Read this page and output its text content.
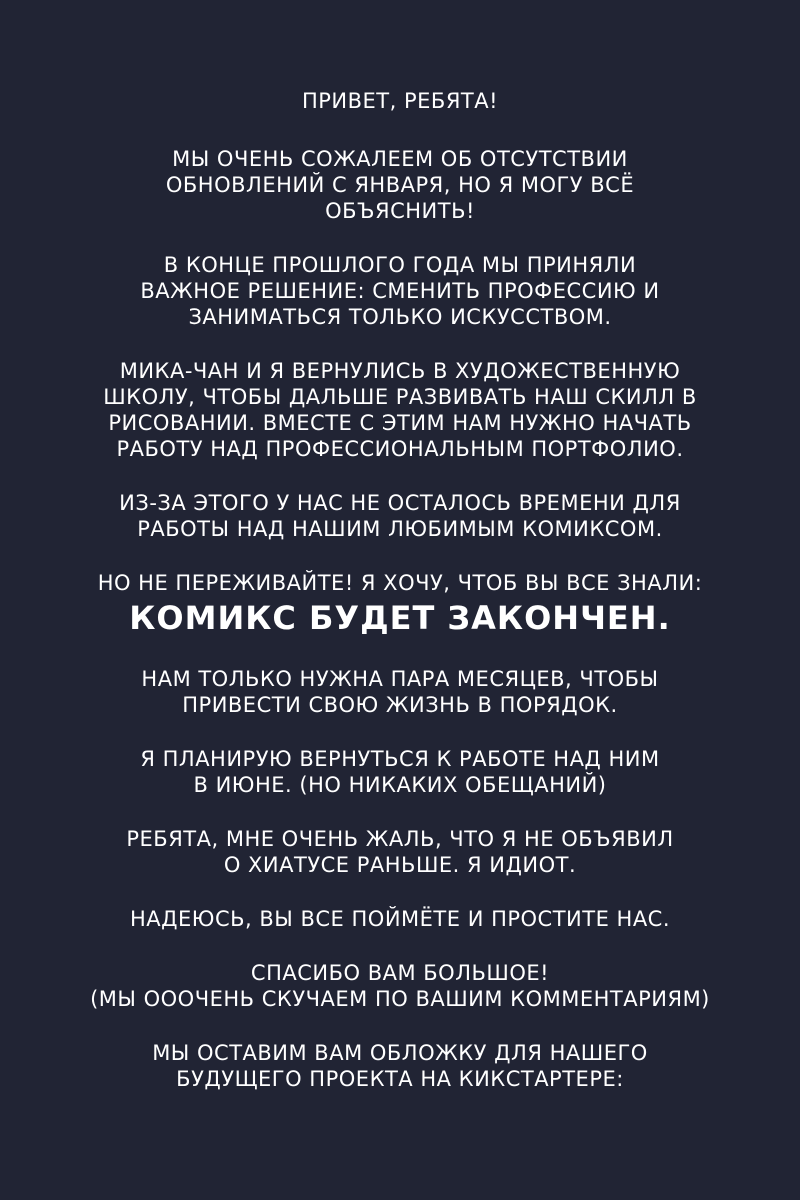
ПРИВЕТ, РЕБЯТА!

МЫ ОЧЕНЬ СОЖАЛЕЕМ ОБ ОТСУТСТВИИ
ОБНОВЛЕНИЙ С ЯНВАРЯ, НО Я МОГУ ВСЁ
ОБЪЯСНИТЬ!

В КОНЦЕ ПРОШЛОГО ГОДА МЫ ПРИНЯЛИ
ВАЖНОЕ РЕШЕНИЕ: СМЕНИТЬ ПРОФЕССИЮ И
ЗАНИМАТЬСЯ ТОЛЬКО ИСКУССТВОМ.

МИКА-ЧАН И Я ВЕРНУЛИСЬ В ХУДОЖЕСТВЕННУЮ
ШКОЛУ, ЧТОБЫ ДАЛЬШЕ РАЗВИВАТЬ НАШ СКИЛЛ В
РИСОВАНИИ. ВМЕСТЕ С ЭТИМ НАМ НУЖНО НАЧАТЬ
РАБОТУ НАД ПРОФЕССИОНАЛЬНЫМ ПОРТФОЛИО.

ИЗ-ЗА ЭТОГО У НАС НЕ ОСТАЛОСЬ ВРЕМЕНИ ДЛЯ
РАБОТЫ НАД НАШИМ ЛЮБИМЫМ КОМИКСОМ.

НО НЕ ПЕРЕЖИВАЙТЕ! Я ХОЧУ, ЧТОБ ВЫ ВСЕ ЗНАЛИ:
КОМИКС БУДЕТ ЗАКОНЧЕН.

НАМ ТОЛЬКО НУЖНА ПАРА МЕСЯЦЕВ, ЧТОБЫ
ПРИВЕСТИ СВОЮ ЖИЗНЬ В ПОРЯДОК.

Я ПЛАНИРУЮ ВЕРНУТЬСЯ К РАБОТЕ НАД НИМ
В ИЮНЕ. (НО НИКАКИХ ОБЕЩАНИЙ)

РЕБЯТА, МНЕ ОЧЕНЬ ЖАЛЬ, ЧТО Я НЕ ОБЪЯВИЛ
О ХИАТУСЕ РАНЬШЕ. Я ИДИОТ.

НАДЕЮСЬ, ВЫ ВСЕ ПОЙМЁТЕ И ПРОСТИТЕ НАС.

СПАСИБО ВАМ БОЛЬШОЕ!
(МЫ ОООЧЕНЬ СКУЧАЕМ ПО ВАШИМ КОММЕНТАРИЯМ)

МЫ ОСТАВИМ ВАМ ОБЛОЖКУ ДЛЯ НАШЕГО
БУДУЩЕГО ПРОЕКТА НА КИКСТАРТЕРЕ:
